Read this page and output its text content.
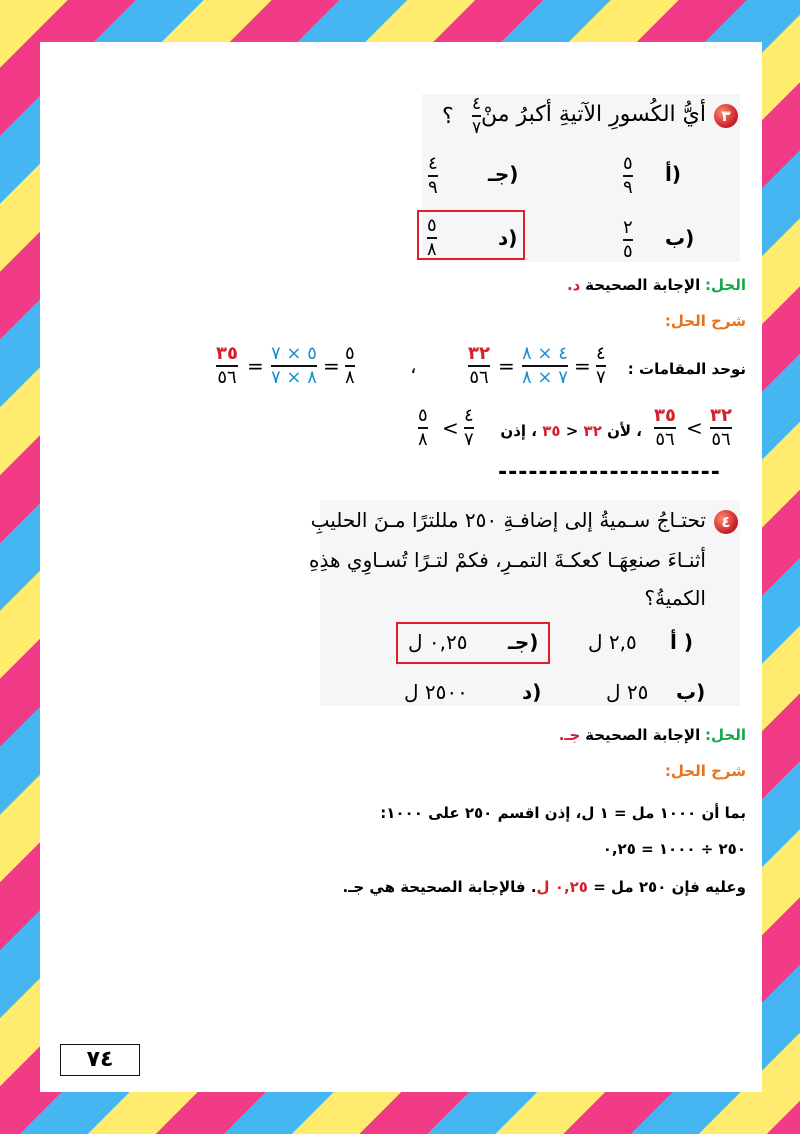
٣
أيُّ الكُسورِ الآتيةِ أكبرُ منْ
٤
٧
؟
أ)
٥
٩
جـ)
٤
٩
ب)
٢
٥
د)
٥
٨
الحل: الإجابة الصحيحة د.
شرح الحل:
نوحد المقامات :
٤
٧
=
٤ × ٨
٧ × ٨
=
٣٢
٥٦
،
٥
٨
=
٥ × ٧
٨ × ٧
=
٣٥
٥٦
٣٢
٥٦
<
٣٥
٥٦
، لأن ٣٢ < ٣٥ ، إذن
٤
٧
<
٥
٨
----------------------
٤
تحتـاجُ سـميةُ إلى إضافـةِ ٢٥٠ مللترًا مـنَ الحليبِ
أثنـاءَ صنعِهَـا كعكـةَ التمـرِ، فكمْ لتـرًا تُسـاوِي هذِهِ
الكميةُ؟
أ )
٢,٥ ل
جـ)
٠,٢٥ ل
ب)
٢٥ ل
د)
٢٥٠٠ ل
الحل: الإجابة الصحيحة جـ.
شرح الحل:
بما أن ١٠٠٠ مل = ١ ل، إذن اقسم ٢٥٠ على ١٠٠٠:
٢٥٠ ÷ ١٠٠٠ = ٠,٢٥
وعليه فإن ٢٥٠ مل = ٠,٢٥ ل. فالإجابة الصحيحة هي جـ.
٧٤
